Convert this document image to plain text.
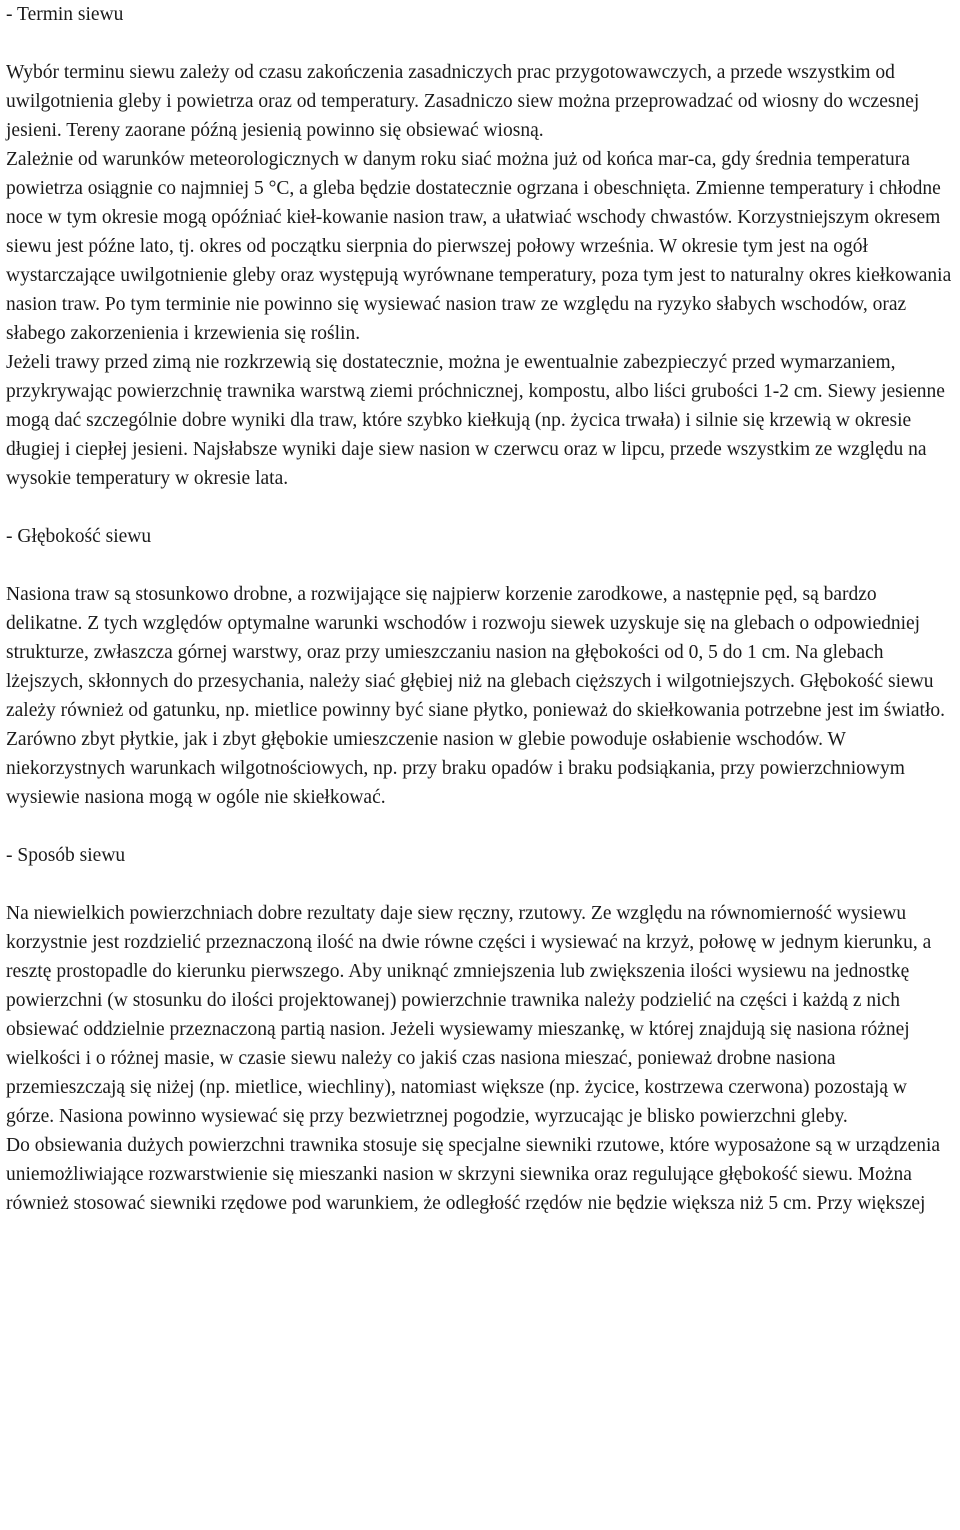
- Termin siewu

Wybór terminu siewu zależy od czasu zakończenia zasadniczych prac przygotowawczych, a przede wszystkim od uwilgotnienia gleby i powietrza oraz od temperatury. Zasadniczo siew można przeprowadzać od wiosny do wczesnej jesieni. Tereny zaorane późną jesienią powinno się obsiewać wiosną.

Zależnie od warunków meteorologicznych w danym roku siać można już od końca mar-ca, gdy średnia temperatura powietrza osiągnie co najmniej 5 °C, a gleba będzie dostatecznie ogrzana i obeschnięta. Zmienne temperatury i chłodne noce w tym okresie mogą opóźniać kieł-kowanie nasion traw, a ułatwiać wschody chwastów. Korzystniejszym okresem siewu jest późne lato, tj. okres od początku sierpnia do pierwszej połowy września. W okresie tym jest na ogół wystarczające uwilgotnienie gleby oraz występują wyrównane temperatury, poza tym jest to naturalny okres kiełkowania nasion traw. Po tym terminie nie powinno się wysiewać nasion traw ze względu na ryzyko słabych wschodów, oraz słabego zakorzenienia i krzewienia się roślin.

Jeżeli trawy przed zimą nie rozkrzewią się dostatecznie, można je ewentualnie zabezpieczyć przed wymarzaniem, przykrywając powierzchnię trawnika warstwą ziemi próchnicznej, kompostu, albo liści grubości 1-2 cm. Siewy jesienne mogą dać szczególnie dobre wyniki dla traw, które szybko kiełkują (np. życica trwała) i silnie się krzewią w okresie długiej i ciepłej jesieni. Najsłabsze wyniki daje siew nasion w czerwcu oraz w lipcu, przede wszystkim ze względu na wysokie temperatury w okresie lata.

- Głębokość siewu

Nasiona traw są stosunkowo drobne, a rozwijające się najpierw korzenie zarodkowe, a następnie pęd, są bardzo delikatne. Z tych względów optymalne warunki wschodów i rozwoju siewek uzyskuje się na glebach o odpowiedniej strukturze, zwłaszcza górnej warstwy, oraz przy umieszczaniu nasion na głębokości od 0, 5 do 1 cm. Na glebach lżejszych, skłonnych do przesychania, należy siać głębiej niż na glebach cięższych i wilgotniejszych. Głębokość siewu zależy również od gatunku, np. mietlice powinny być siane płytko, ponieważ do skiełkowania potrzebne jest im światło. Zarówno zbyt płytkie, jak i zbyt głębokie umieszczenie nasion w glebie powoduje osłabienie wschodów. W niekorzystnych warunkach wilgotnościowych, np. przy braku opadów i braku podsiąkania, przy powierzchniowym wysiewie nasiona mogą w ogóle nie skiełkować.

- Sposób siewu

Na niewielkich powierzchniach dobre rezultaty daje siew ręczny, rzutowy. Ze względu na równomierność wysiewu korzystnie jest rozdzielić przeznaczoną ilość na dwie równe części i wysiewać na krzyż, połowę w jednym kierunku, a resztę prostopadle do kierunku pierwszego. Aby uniknąć zmniejszenia lub zwiększenia ilości wysiewu na jednostkę powierzchni (w stosunku do ilości projektowanej) powierzchnie trawnika należy podzielić na części i każdą z nich obsiewać oddzielnie przeznaczoną partią nasion. Jeżeli wysiewamy mieszankę, w której znajdują się nasiona różnej wielkości i o różnej masie, w czasie siewu należy co jakiś czas nasiona mieszać, ponieważ drobne nasiona przemieszczają się niżej (np. mietlice, wiechliny), natomiast większe (np. życice, kostrzewa czerwona) pozostają w górze. Nasiona powinno wysiewać się przy bezwietrznej pogodzie, wyrzucając je blisko powierzchni gleby.

Do obsiewania dużych powierzchni trawnika stosuje się specjalne siewniki rzutowe, które wyposażone są w urządzenia uniemożliwiające rozwarstwienie się mieszanki nasion w skrzyni siewnika oraz regulujące głębokość siewu. Można również stosować siewniki rzędowe pod warunkiem, że odległość rzędów nie będzie większa niż 5 cm. Przy większej
